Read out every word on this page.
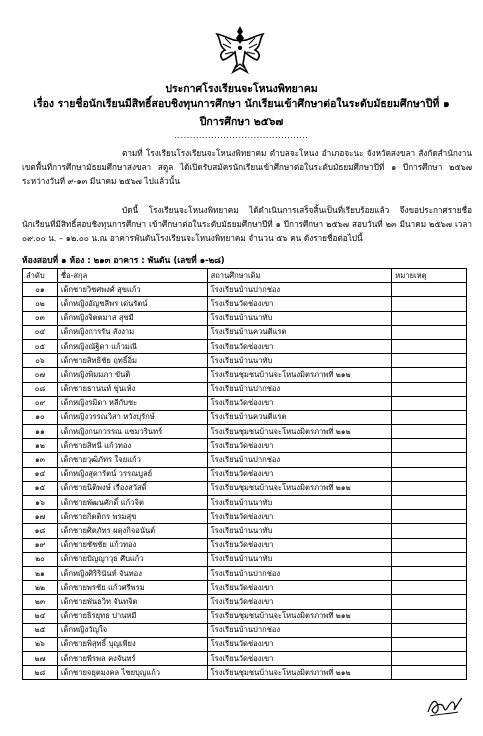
ประกาศโรงเรียนจะโหนงพิทยาคม
เรื่อง รายชื่อนักเรียนมีสิทธิ์สอบชิงทุนการศึกษา นักเรียนเข้าศึกษาต่อในระดับมัธยมศึกษาปีที่ ๑
ปีการศึกษา ๒๕๖๗
............................................
ตามที่ โรงเรียนโรงเรียนจะโหนงพิทยาคม ตำบลจะโหนง อำเภอจะนะ จังหวัดสงขลา สังกัดสำนักงานเขตพื้นที่การศึกษามัธยมศึกษาสงขลา สตูล ได้เปิดรับสมัครนักเรียนเข้าศึกษาต่อในระดับมัธยมศึกษาปีที่ ๑ ปีการศึกษา ๒๕๖๗ ระหว่างวันที่ ๙-๑๓ มีนาคม ๒๕๖๗ ไปแล้วนั้น
บัดนี้ โรงเรียนจะโหนงพิทยาคม ได้ดำเนินการเสร็จสิ้นเป็นที่เรียบร้อยแล้ว จึงขอประกาศรายชื่อนักเรียนที่มีสิทธิ์สอบชิงทุนการศึกษา เข้าศึกษาต่อในระดับมัธยมศึกษาปีที่ ๑ ปีการศึกษา ๒๕๖๗ สอบวันที่ ๒๓ มีนาคม ๒๕๖๗ เวลา ๐๙.๐๐ น. – ๑๒.๐๐ น.ณ อาคารพันดันโรงเรียนจะโหนงพิทยาคม จำนวน ๕๖ คน ดังรายชื่อต่อไปนี้
ห้องสอบที่ ๑ ห้อง : ๒๑๓ อาคาร : พันดัน (เลขที่ ๑-๒๘)
ลำดับ	ชื่อ-สกุล	สถานศึกษาเดิม	หมายเหตุ
๐๑	เด็กชายวิชศพงศ์ สุขแก้ว	โรงเรียนบ้านปากช่อง	
๐๒	เด็กหญิงอัญชลีพร เด่นรัตน์	โรงเรียนวัดช่องเขา	
๐๓	เด็กหญิงจิตตมาส สุขมี	โรงเรียนบ้านนาทับ	
๐๔	เด็กหญิงการรัน สังงาม	โรงเรียนบ้านควนตีแรต	
๐๕	เด็กหญิงณัฐิดา แก้วมณี	โรงเรียนวัดช่องเขา	
๐๖	เด็กชายสิทธิชัย ฤทธิ์อิ่ม	โรงเรียนบ้านนาทับ	
๐๗	เด็กหญิงพิมมภา ขันติ	โรงเรียนชุมชนบ้านจะโหนงมิตรภาพที่ ๒๑๒	
๐๘	เด็กชายธานนท์ ขุ่นเห้ง	โรงเรียนบ้านปากช่อง	
๐๙	เด็กหญิงรมิดา หลีกับชะ	โรงเรียนวัดช่องเขา	
๑๐	เด็กหญิงวรรณวิสา หวังบุรักษ์	โรงเรียนบ้านควนตีแรต	
๑๑	เด็กหญิงกนกวรรณ แซมวรินทร์	โรงเรียนชุมชนบ้านจะโหนงมิตรภาพที่ ๒๑๒	
๑๒	เด็กชายสิทนี แก้วทอง	โรงเรียนวัดช่องเขา	
๑๓	เด็กชายวุฒิภัทร ใจยแก้ว	โรงเรียนบ้านปากช่อง	
๑๔	เด็กหญิงสุดารัตน์ วรรณบูลย์	โรงเรียนวัดช่องเขา	
๑๕	เด็กชายนิติพงษ์ เรืองสวัสดิ์	โรงเรียนชุมชนบ้านจะโหนงมิตรภาพที่ ๒๑๒	
๑๖	เด็กชายพัฒนศักดิ์ แก้วจิต	โรงเรียนบ้านนาทับ	
๑๗	เด็กชายกิตติกร พรมสุข	โรงเรียนวัดช่องเขา	
๑๘	เด็กชายศิตภัทร ผดุงกิจอนันต์	โรงเรียนบ้านนาทับ	
๑๙	เด็กชายชัชชัย แก้วทอง	โรงเรียนวัดช่องเขา	
๒๐	เด็กชายปัญญาวุธ ศีบแก้ว	โรงเรียนบ้านนาทับ	
๒๑	เด็กหญิงศิริรินันท์ จันทอง	โรงเรียนบ้านปากช่อง	
๒๒	เด็กชายพรชัย แก้วศรีพรม	โรงเรียนวัดช่องเขา	
๒๓	เด็กชายพันธวิท จันทจิต	โรงเรียนวัดช่องเขา	
๒๔	เด็กชายธิรยุทธ ปานหมี	โรงเรียนชุมชนบ้านจะโหนงมิตรภาพที่ ๒๑๒	
๒๕	เด็กหญิงวัญใจ	โรงเรียนบ้านปากช่อง	
๒๖	เด็กชายพิสุทธิ์ บุญเพียง	โรงเรียนวัดช่องเขา	
๒๗	เด็กชายพีรพล คงจันทร์	โรงเรียนวัดช่องเขา	
๒๘	เด็กชายจยุตมงคล ไชยบุญแก้ว	โรงเรียนชุมชนบ้านจะโหนงมิตรภาพที่ ๒๑๒	
